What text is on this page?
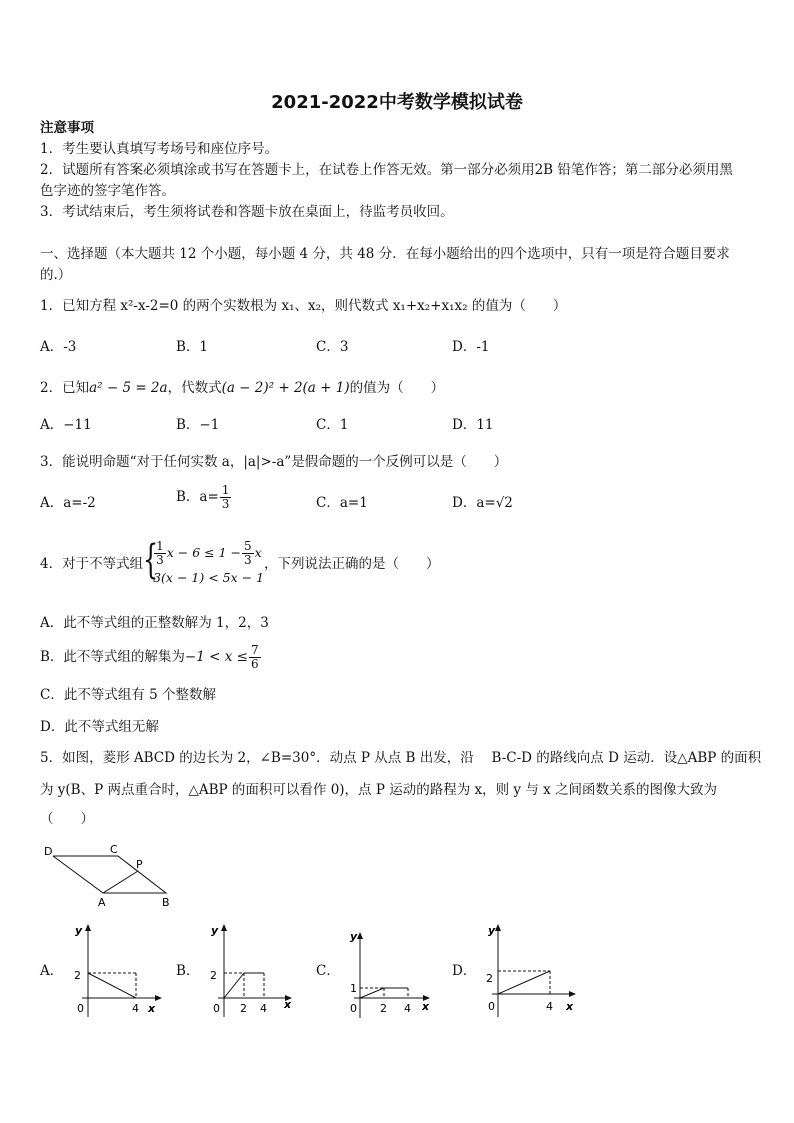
2021-2022中考数学模拟试卷
注意事项
1．考生要认真填写考场号和座位序号。
2．试题所有答案必须填涂或书写在答题卡上，在试卷上作答无效。第一部分必须用2B 铅笔作答；第二部分必须用黑
色字迹的签字笔作答。
3．考试结束后，考生须将试卷和答题卡放在桌面上，待监考员收回。
一、选择题（本大题共 12 个小题，每小题 4 分，共 48 分．在每小题给出的四个选项中，只有一项是符合题目要求
的.）
1．已知方程 x²-x-2=0 的两个实数根为 x₁、x₂，则代数式 x₁+x₂+x₁x₂ 的值为（　　）
A．-3	B．1	C．3	D．-1
2．已知a² − 5 = 2a，代数式(a − 2)² + 2(a + 1)的值为（　　）
A．−11	B．−1	C．1	D．11
3．能说明命题“对于任何实数 a，|a|>-a”是假命题的一个反例可以是（　　）
A．a=-2	B．$a= \frac{1}{3}$	C．a=1	D．a=√2
4．对于不等式组 {
$\frac{1}{3}$ $x - 6 \le 1 - \frac{5}{3}$ x
3(x − 1) < 5x − 1
，下列说法正确的是（　　）
A．此不等式组的正整数解为 1，2，3
B．此不等式组的解集为 $-1 < x \le \frac{7}{6}$
C．此不等式组有 5 个整数解
D．此不等式组无解
5．如图，菱形 ABCD 的边长为 2，∠B=30°．动点 P 从点 B 出发，沿　 B-C-D 的路线向点 D 运动．设△ABP 的面积
为 y(B、P 两点重合时，△ABP 的面积可以看作 0)，点 P 运动的路程为 x，则 y 与 x 之间函数关系的图像大致为
（　　）
D	C
P
A	B
A．	B．	C．	D．
y
x
0
2
4
y
0
2
2 4 x
y
0
1
2 4 x
y
0
2
4 x
